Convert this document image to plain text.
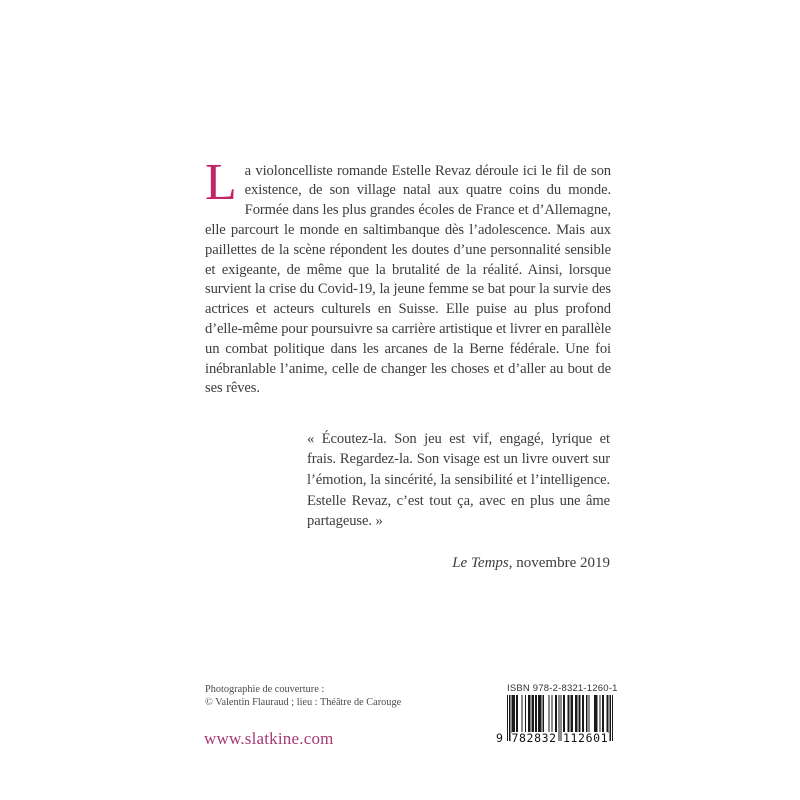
La violoncelliste romande Estelle Revaz déroule ici le fil de son existence, de son village natal aux quatre coins du monde. Formée dans les plus grandes écoles de France et d’Allemagne, elle parcourt le monde en saltimbanque dès l’adolescence. Mais aux paillettes de la scène répondent les doutes d’une personnalité sensible et exigeante, de même que la brutalité de la réalité. Ainsi, lorsque survient la crise du Covid-19, la jeune femme se bat pour la survie des actrices et acteurs culturels en Suisse. Elle puise au plus profond d’elle-même pour poursuivre sa carrière artistique et livrer en parallèle un combat politique dans les arcanes de la Berne fédérale. Une foi inébranlable l’anime, celle de changer les choses et d’aller au bout de ses rêves.

« Écoutez-la. Son jeu est vif, engagé, lyrique et frais. Regardez-la. Son visage est un livre ouvert sur l’émotion, la sincérité, la sensibilité et l’intelligence. Estelle Revaz, c’est tout ça, avec en plus une âme partageuse. »

Le Temps, novembre 2019

Photographie de couverture :
© Valentin Flauraud ; lieu : Théâtre de Carouge
www.slatkine.com
ISBN 978-2-8321-1260-1
9 782832 112601
